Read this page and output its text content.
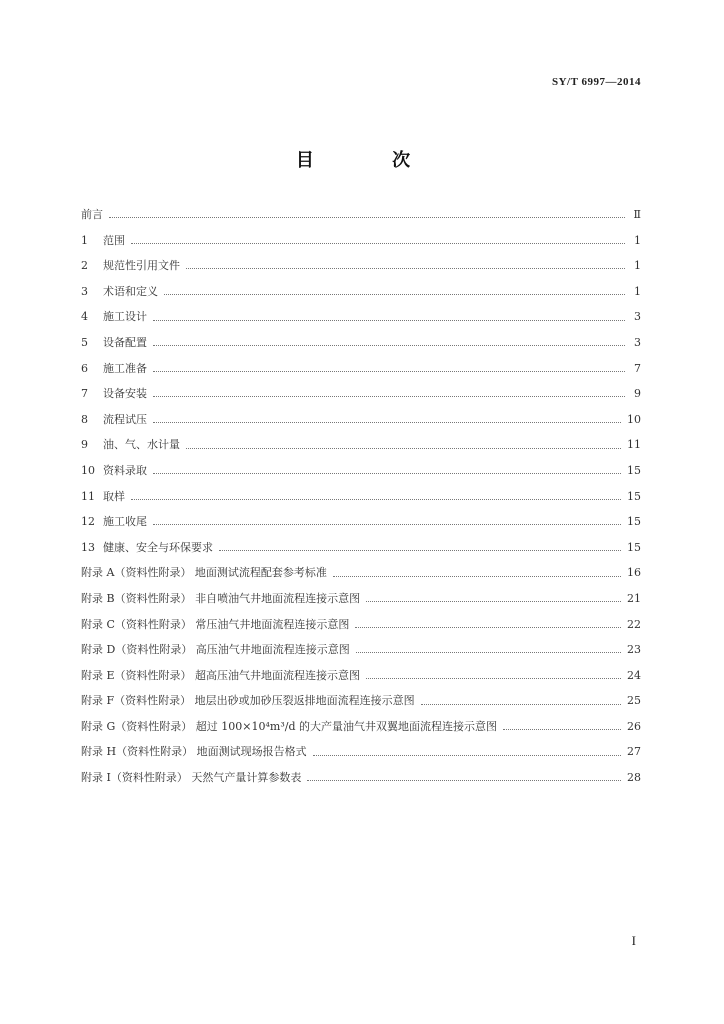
SY/T 6997—2014
目 次
前言	Ⅱ
1	范围	1
2	规范性引用文件	1
3	术语和定义	1
4	施工设计	3
5	设备配置	3
6	施工准备	7
7	设备安装	9
8	流程试压	10
9	油、气、水计量	11
10 资料录取	15
11 取样	15
12 施工收尾	15
13 健康、安全与环保要求	15
附录 A（资料性附录） 地面测试流程配套参考标准	16
附录 B（资料性附录） 非自喷油气井地面流程连接示意图	21
附录 C（资料性附录） 常压油气井地面流程连接示意图	22
附录 D（资料性附录） 高压油气井地面流程连接示意图	23
附录 E（资料性附录） 超高压油气井地面流程连接示意图	24
附录 F（资料性附录） 地层出砂或加砂压裂返排地面流程连接示意图	25
附录 G（资料性附录） 超过 100×10⁴m³/d 的大产量油气井双翼地面流程连接示意图	26
附录 H（资料性附录） 地面测试现场报告格式	27
附录 I（资料性附录） 天然气产量计算参数表	28
I
